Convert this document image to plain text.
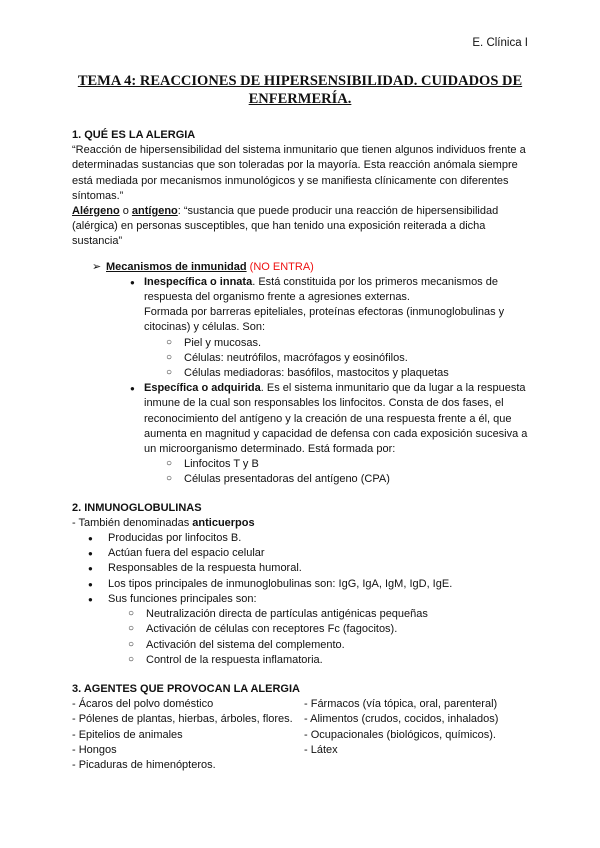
E. Clínica I
TEMA 4: REACCIONES DE HIPERSENSIBILIDAD. CUIDADOS DE ENFERMERÍA.

1. QUÉ ES LA ALERGIA

“Reacción de hipersensibilidad del sistema inmunitario que tienen algunos individuos frente a determinadas sustancias que son toleradas por la mayoría. Esta reacción anómala siempre está mediada por mecanismos inmunológicos y se manifiesta clínicamente con diferentes síntomas.”

Alérgeno o antígeno: “sustancia que puede producir una reacción de hipersensibilidad (alérgica) en personas susceptibles, que han tenido una exposición reiterada a dicha sustancia”

➢ Mecanismos de inmunidad (NO ENTRA)

● Inespecífica o innata. Está constituida por los primeros mecanismos de respuesta del organismo frente a agresiones externas.
Formada por barreras epiteliales, proteínas efectoras (inmunoglobulinas y citocinas) y células. Son:
○ Piel y mucosas.
○ Células: neutrófilos, macrófagos y eosinófilos.
○ Células mediadoras: basófilos, mastocitos y plaquetas
● Específica o adquirida. Es el sistema inmunitario que da lugar a la respuesta inmune de la cual son responsables los linfocitos. Consta de dos fases, el reconocimiento del antígeno y la creación de una respuesta frente a él, que aumenta en magnitud y capacidad de defensa con cada exposición sucesiva a un microorganismo determinado. Está formada por:
○ Linfocitos T y B
○ Células presentadoras del antígeno (CPA)

2. INMUNOGLOBULINAS

- También denominadas anticuerpos

● Producidas por linfocitos B.
● Actúan fuera del espacio celular
● Responsables de la respuesta humoral.
● Los tipos principales de inmunoglobulinas son: IgG, IgA, IgM, IgD, IgE.
● Sus funciones principales son:
○ Neutralización directa de partículas antigénicas pequeñas
○ Activación de células con receptores Fc (fagocitos).
○ Activación del sistema del complemento.
○ Control de la respuesta inflamatoria.

3. AGENTES QUE PROVOCAN LA ALERGIA

- Ácaros del polvo doméstico

- Pólenes de plantas, hierbas, árboles, flores.

- Epitelios de animales

- Hongos

- Picaduras de himenópteros.

- Fármacos (vía tópica, oral, parenteral)

- Alimentos (crudos, cocidos, inhalados)

- Ocupacionales (biológicos, químicos).

- Látex
